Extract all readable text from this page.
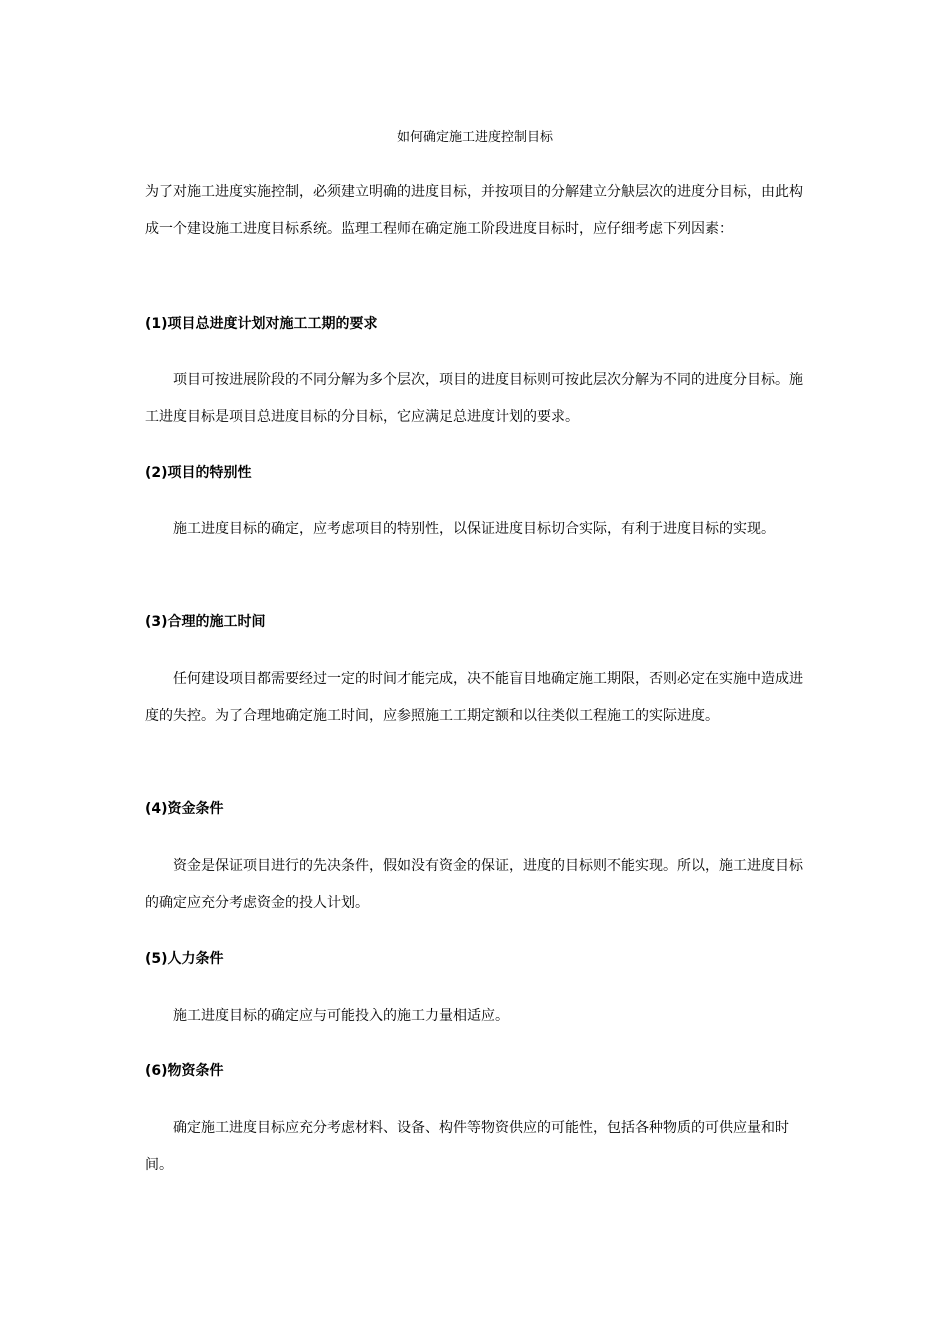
如何确定施工进度控制目标

为了对施工进度实施控制，必须建立明确的进度目标，并按项目的分解建立分觖层次的进度分目标，由此构成一个建设施工进度目标系统。监理工程师在确定施工阶段进度目标时，应仔细考虑下列因素：

(1)项目总进度计划对施工工期的要求

项目可按进展阶段的不同分解为多个层次，项目的进度目标则可按此层次分解为不同的进度分目标。施工进度目标是项目总进度目标的分目标，它应满足总进度计划的要求。

(2)项目的特别性

施工进度目标的确定，应考虑项目的特别性，以保证进度目标切合实际，有利于进度目标的实现。

(3)合理的施工时间

任何建设项目都需要经过一定的时间才能完成，决不能盲目地确定施工期限，否则必定在实施中造成进度的失控。为了合理地确定施工时间，应参照施工工期定额和以往类似工程施工的实际进度。

(4)资金条件

资金是保证项目进行的先决条件，假如没有资金的保证，进度的目标则不能实现。所以，施工进度目标的确定应充分考虑资金的投人计划。

(5)人力条件

施工进度目标的确定应与可能投入的施工力量相适应。

(6)物资条件

确定施工进度目标应充分考虑材料、设备、构件等物资供应的可能性，包括各种物质的可供应量和时间。
